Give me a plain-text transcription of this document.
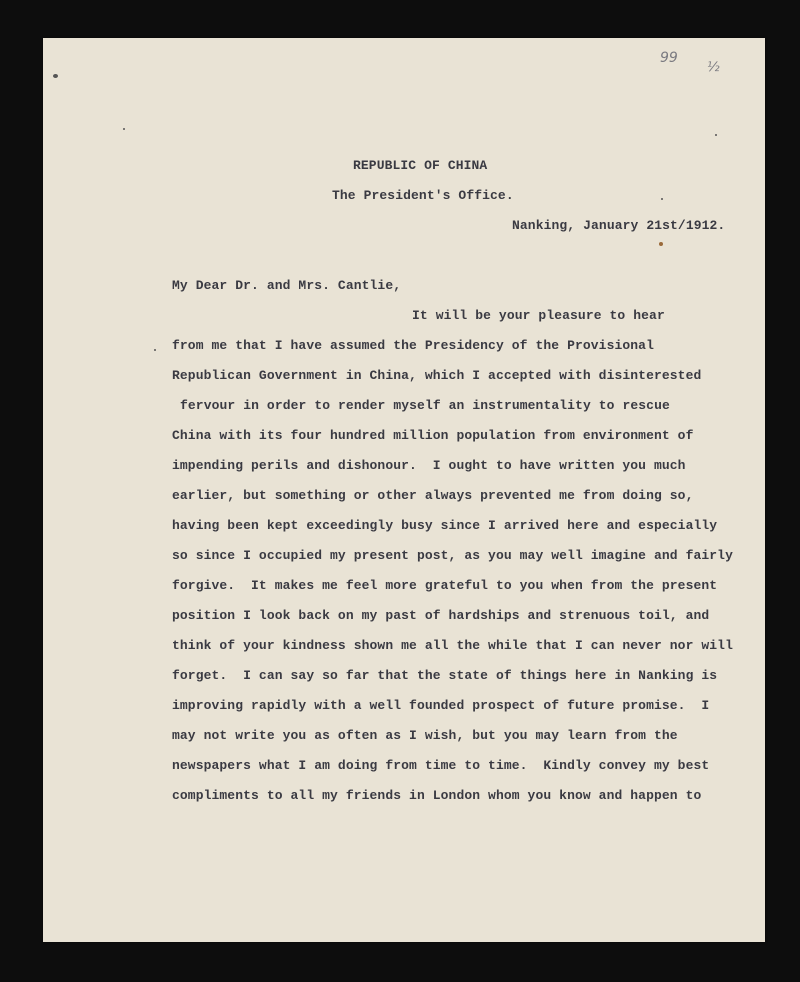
99
½
REPUBLIC OF CHINA
The President's Office.
Nanking, January 21st/1912.
My Dear Dr. and Mrs. Cantlie,
It will be your pleasure to hear
from me that I have assumed the Presidency of the Provisional
Republican Government in China, which I accepted with disinterested
fervour in order to render myself an instrumentality to rescue
China with its four hundred million population from environment of
impending perils and dishonour.  I ought to have written you much
earlier, but something or other always prevented me from doing so,
having been kept exceedingly busy since I arrived here and especially
so since I occupied my present post, as you may well imagine and fairly
forgive.  It makes me feel more grateful to you when from the present
position I look back on my past of hardships and strenuous toil, and
think of your kindness shown me all the while that I can never nor will
forget.  I can say so far that the state of things here in Nanking is
improving rapidly with a well founded prospect of future promise.  I
may not write you as often as I wish, but you may learn from the
newspapers what I am doing from time to time.  Kindly convey my best
compliments to all my friends in London whom you know and happen to
